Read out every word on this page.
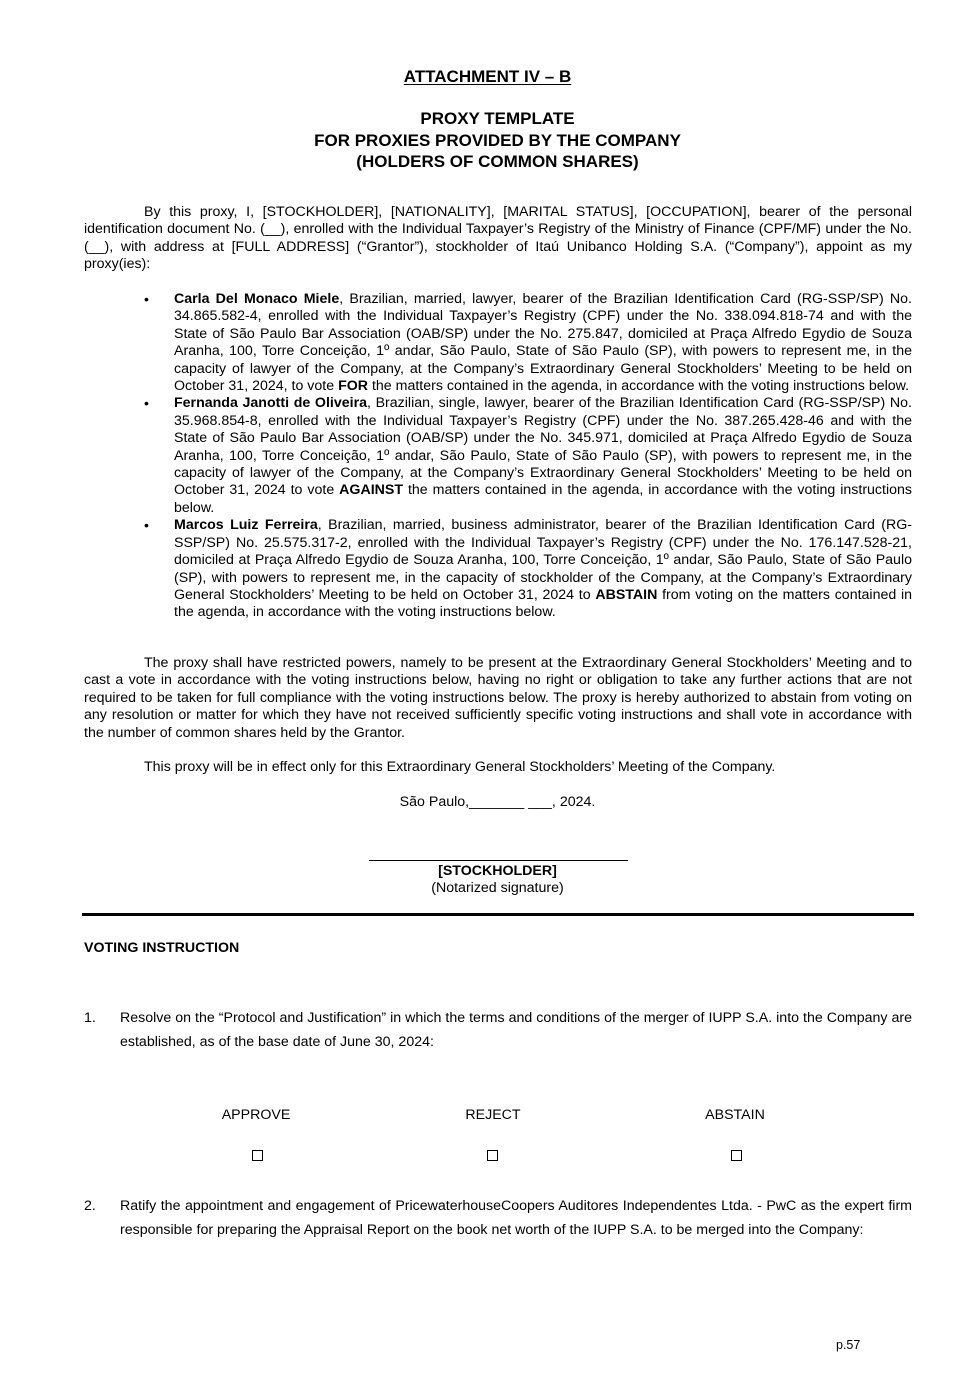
ATTACHMENT IV – B
PROXY TEMPLATE
FOR PROXIES PROVIDED BY THE COMPANY
(HOLDERS OF COMMON SHARES)
By this proxy, I, [STOCKHOLDER], [NATIONALITY], [MARITAL STATUS], [OCCUPATION], bearer of the personal identification document No. (__), enrolled with the Individual Taxpayer’s Registry of the Ministry of Finance (CPF/MF) under the No. (__), with address at [FULL ADDRESS] (“Grantor”), stockholder of Itaú Unibanco Holding S.A. (“Company”), appoint as my proxy(ies):
• Carla Del Monaco Miele, Brazilian, married, lawyer, bearer of the Brazilian Identification Card (RG-SSP/SP) No. 34.865.582-4, enrolled with the Individual Taxpayer’s Registry (CPF) under the No. 338.094.818-74 and with the State of São Paulo Bar Association (OAB/SP) under the No. 275.847, domiciled at Praça Alfredo Egydio de Souza Aranha, 100, Torre Conceição, 1º andar, São Paulo, State of São Paulo (SP), with powers to represent me, in the capacity of lawyer of the Company, at the Company’s Extraordinary General Stockholders’ Meeting to be held on October 31, 2024, to vote FOR the matters contained in the agenda, in accordance with the voting instructions below.
• Fernanda Janotti de Oliveira, Brazilian, single, lawyer, bearer of the Brazilian Identification Card (RG-SSP/SP) No. 35.968.854-8, enrolled with the Individual Taxpayer’s Registry (CPF) under the No. 387.265.428-46 and with the State of São Paulo Bar Association (OAB/SP) under the No. 345.971, domiciled at Praça Alfredo Egydio de Souza Aranha, 100, Torre Conceição, 1º andar, São Paulo, State of São Paulo (SP), with powers to represent me, in the capacity of lawyer of the Company, at the Company’s Extraordinary General Stockholders’ Meeting to be held on October 31, 2024 to vote AGAINST the matters contained in the agenda, in accordance with the voting instructions below.
• Marcos Luiz Ferreira, Brazilian, married, business administrator, bearer of the Brazilian Identification Card (RG-SSP/SP) No. 25.575.317-2, enrolled with the Individual Taxpayer’s Registry (CPF) under the No. 176.147.528-21, domiciled at Praça Alfredo Egydio de Souza Aranha, 100, Torre Conceição, 1º andar, São Paulo, State of São Paulo (SP), with powers to represent me, in the capacity of stockholder of the Company, at the Company’s Extraordinary General Stockholders’ Meeting to be held on October 31, 2024 to ABSTAIN from voting on the matters contained in the agenda, in accordance with the voting instructions below.
The proxy shall have restricted powers, namely to be present at the Extraordinary General Stockholders’ Meeting and to cast a vote in accordance with the voting instructions below, having no right or obligation to take any further actions that are not required to be taken for full compliance with the voting instructions below. The proxy is hereby authorized to abstain from voting on any resolution or matter for which they have not received sufficiently specific voting instructions and shall vote in accordance with the number of common shares held by the Grantor.
This proxy will be in effect only for this Extraordinary General Stockholders’ Meeting of the Company.
São Paulo,_______ ___, 2024.
[STOCKHOLDER]
(Notarized signature)
VOTING INSTRUCTION
1. Resolve on the “Protocol and Justification” in which the terms and conditions of the merger of IUPP S.A. into the Company are established, as of the base date of June 30, 2024:
APPROVE	REJECT	ABSTAIN
2. Ratify the appointment and engagement of PricewaterhouseCoopers Auditores Independentes Ltda. - PwC as the expert firm responsible for preparing the Appraisal Report on the book net worth of the IUPP S.A. to be merged into the Company:
p.57
